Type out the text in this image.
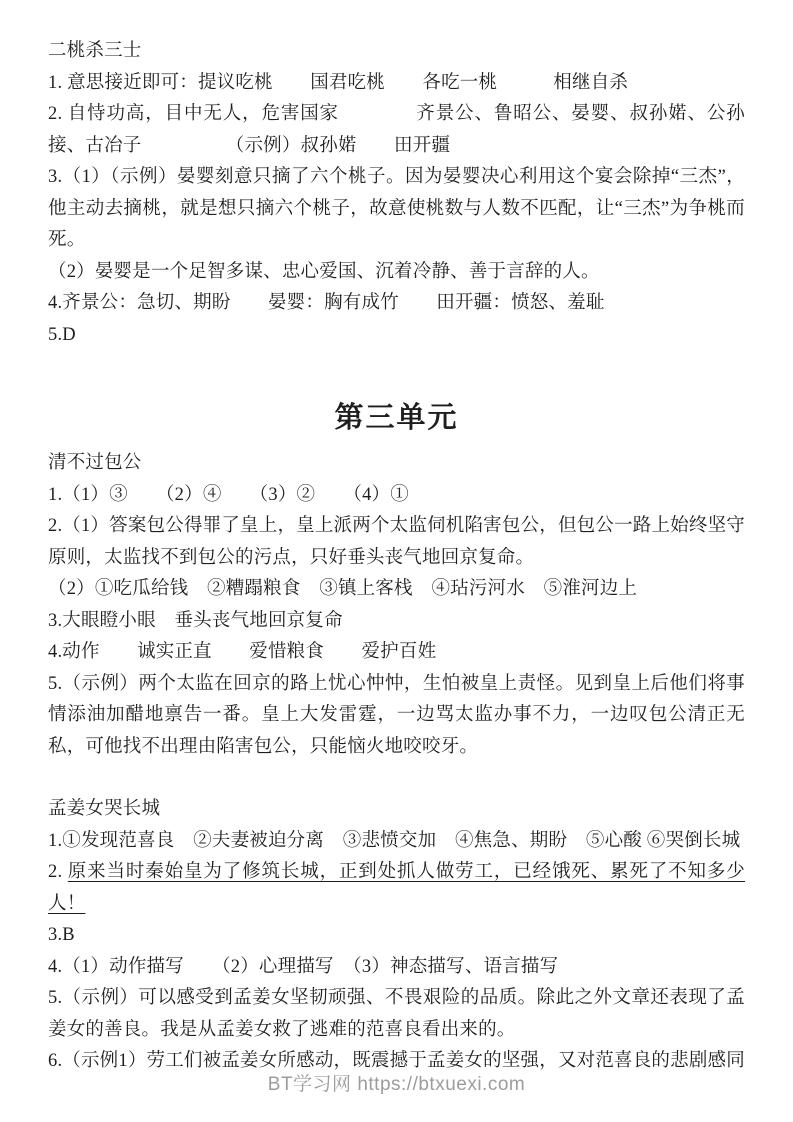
二桃杀三士

1. 意思接近即可：提议吃桃　　国君吃桃　　各吃一桃　　　相继自杀

2. 自恃功高，目中无人，危害国家　　　　齐景公、鲁昭公、晏婴、叔孙婼、公孙接、古冶子　　　　　（示例）叔孙婼　　田开疆

3.（1）（示例）晏婴刻意只摘了六个桃子。因为晏婴决心利用这个宴会除掉“三杰”，他主动去摘桃，就是想只摘六个桃子，故意使桃数与人数不匹配，让“三杰”为争桃而死。

（2）晏婴是一个足智多谋、忠心爱国、沉着冷静、善于言辞的人。

4.齐景公：急切、期盼　　晏婴：胸有成竹　　田开疆：愤怒、羞耻

5.D

第三单元

清不过包公

1.（1）③　　（2）④　　（3）②　　（4）①

2.（1）答案包公得罪了皇上，皇上派两个太监伺机陷害包公，但包公一路上始终坚守原则，太监找不到包公的污点，只好垂头丧气地回京复命。

（2）①吃瓜给钱　②糟蹋粮食　③镇上客栈　④玷污河水　⑤淮河边上

3.大眼瞪小眼　垂头丧气地回京复命

4.动作　　诚实正直　　爱惜粮食　　爱护百姓

5.（示例）两个太监在回京的路上忧心忡忡，生怕被皇上责怪。见到皇上后他们将事情添油加醋地禀告一番。皇上大发雷霆，一边骂太监办事不力，一边叹包公清正无私，可他找不出理由陷害包公，只能恼火地咬咬牙。

孟姜女哭长城

1.①发现范喜良　②夫妻被迫分离　③悲愤交加　④焦急、期盼　⑤心酸 ⑥哭倒长城

2. 原来当时秦始皇为了修筑长城，正到处抓人做劳工，已经饿死、累死了不知多少人！

3.B

4.（1）动作描写　　（2）心理描写　（3）神态描写、语言描写

5.（示例）可以感受到孟姜女坚韧顽强、不畏艰险的品质。除此之外文章还表现了孟姜女的善良。我是从孟姜女救了逃难的范喜良看出来的。

6.（示例1）劳工们被孟姜女所感动，既震撼于孟姜女的坚强，又对范喜良的悲剧感同

BT学习网 https://btxuexi.com
